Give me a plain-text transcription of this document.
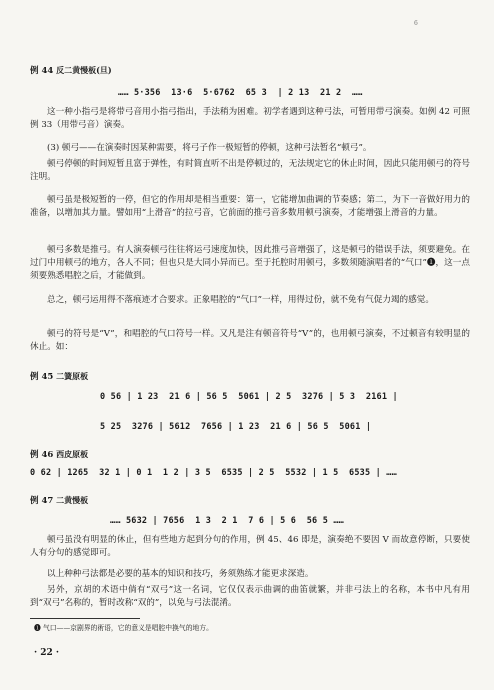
6
例 44 反二黄慢板(旦)
…… 5·356  13·6  5·6762  65 3  | 2 13  21 2  ……
这一种小指弓是将带弓音用小指弓指出，手法稍为困难。初学者遇到这种弓法，可暂用带弓演奏。如例 42 可照例 33（用带弓音）演奏。
(3) 顿弓——在演奏时因某种需要，将弓子作一极短暂的停顿，这种弓法暂名“顿弓”。
顿弓停顿的时间短暂且富于弹性，有时简直听不出是停顿过的，无法规定它的休止时间，因此只能用顿弓的符号注明。
顿弓虽是极短暂的一停，但它的作用却是相当重要：第一，它能增加曲调的节奏感；第二，为下一音做好用力的准备，以增加其力量。譬如用“上滑音”的拉弓音，它前面的推弓音多数用顿弓演奏，才能增强上滑音的力量。
顿弓多数是推弓。有人演奏顿弓往往将运弓速度加快，因此推弓音增强了，这是顿弓的错误手法，须要避免。在过门中用顿弓的地方，各人不同；但也只是大同小异而已。至于托腔时用顿弓，多数须随演唱者的“气口”❶，这一点须要熟悉唱腔之后，才能做到。
总之，顿弓运用得不落痕迹才合要求。正象唱腔的“气口”一样，用得过份，就不免有气促力竭的感觉。
顿弓的符号是“V”，和唱腔的气口符号一样。又凡是注有顿音符号“V”的，也用顿弓演奏，不过顿音有较明显的休止。如：
例 45 二簧原板
0 56 | 1 23  21 6 | 56 5  5061 | 2 5  3276 | 5 3  2161 |
5 25  3276 | 5612  7656 | 1 23  21 6 | 56 5  5061 |
例 46 西皮原板
0 62 | 1265  32 1 | 0 1  1 2 | 3 5  6535 | 2 5  5532 | 1 5  6535 | ……
例 47 二黄慢板
…… 5632 | 7656  1 3  2 1  7 6 | 5 6  56 5 ……
顿弓虽没有明显的休止，但有些地方起到分句的作用，例 45、46 即是，演奏绝不要因 V 而故意停断，只要使人有分句的感觉即可。
以上种种弓法都是必要的基本的知识和技巧，务须熟练才能更求深造。
另外，京胡的术语中倘有“双弓”这一名词，它仅仅表示曲调的曲笛就繁，并非弓法上的名称，本书中凡有用到“双弓”名称的，暂时改称“双的”，以免与弓法混淆。
❶ 气口——京剧界的術语，它的意义是唱腔中换气的地方。
· 22 ·
